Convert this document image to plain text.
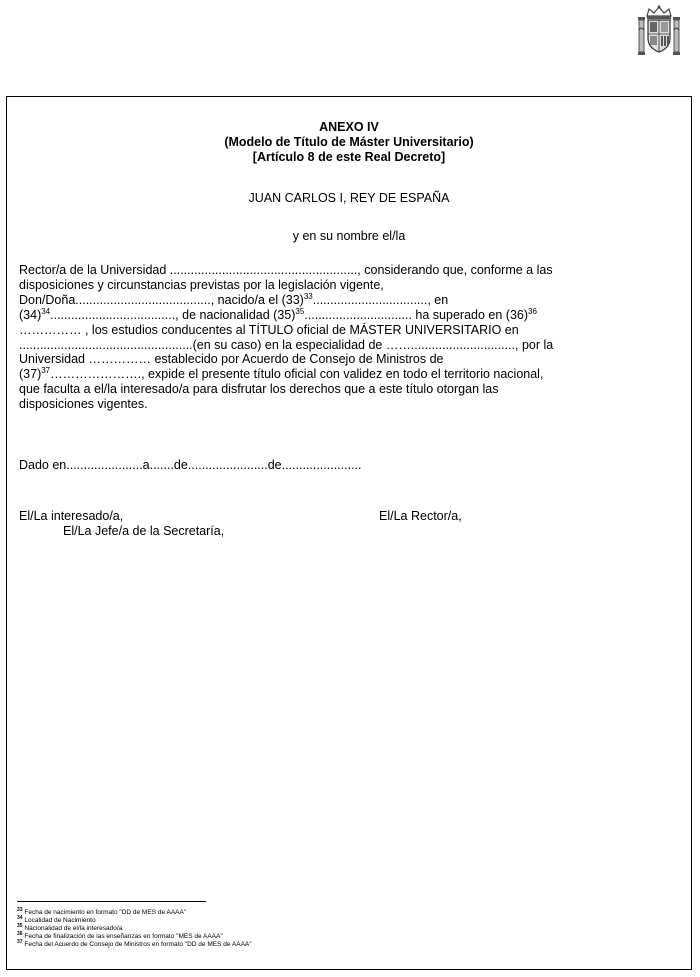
ANEXO IV
(Modelo de Título de Máster Universitario)
[Artículo 8 de este Real Decreto]
JUAN CARLOS I, REY DE ESPAÑA
y en su nombre el/la
Rector/a de la Universidad ......................................................, considerando que, conforme a las
disposiciones y circunstancias previstas por la legislación vigente,
Don/Doña......................................., nacido/a el $(33)^{33}$................................., en
$(34)^{34}$...................................., de nacionalidad $(35)^{35}$............................... ha superado en $(36)^{36}$
…………… , los estudios conducentes al TÍTULO oficial de MÁSTER UNIVERSITARIO en
..................................................(en su caso) en la especialidad de …….............................., por la
Universidad …………… establecido por Acuerdo de Consejo de Ministros de
$(37)^{37}\dots\dots\dots\dots\dots\dots\dots$., expide el presente título oficial con validez en todo el territorio nacional,
que faculta a el/la interesado/a para disfrutar los derechos que a este título otorgan las
disposiciones vigentes.
Dado en......................a.......de.......................de.......................
El/La interesado/a,	El/La Rector/a,
El/La Jefe/a de la Secretaría,
$^{33}$ Fecha de nacimiento en formato "DD de MES de AAAA"
$^{34}$ Localidad de Nacimiento
$^{35}$ Nacionalidad de el/la interesado/a
$^{36}$ Fecha de finalización de las enseñanzas en formato "MES de AAAA"
$^{37}$ Fecha del Acuerdo de Consejo de Ministros en formato "DD de MES de AAAA"
